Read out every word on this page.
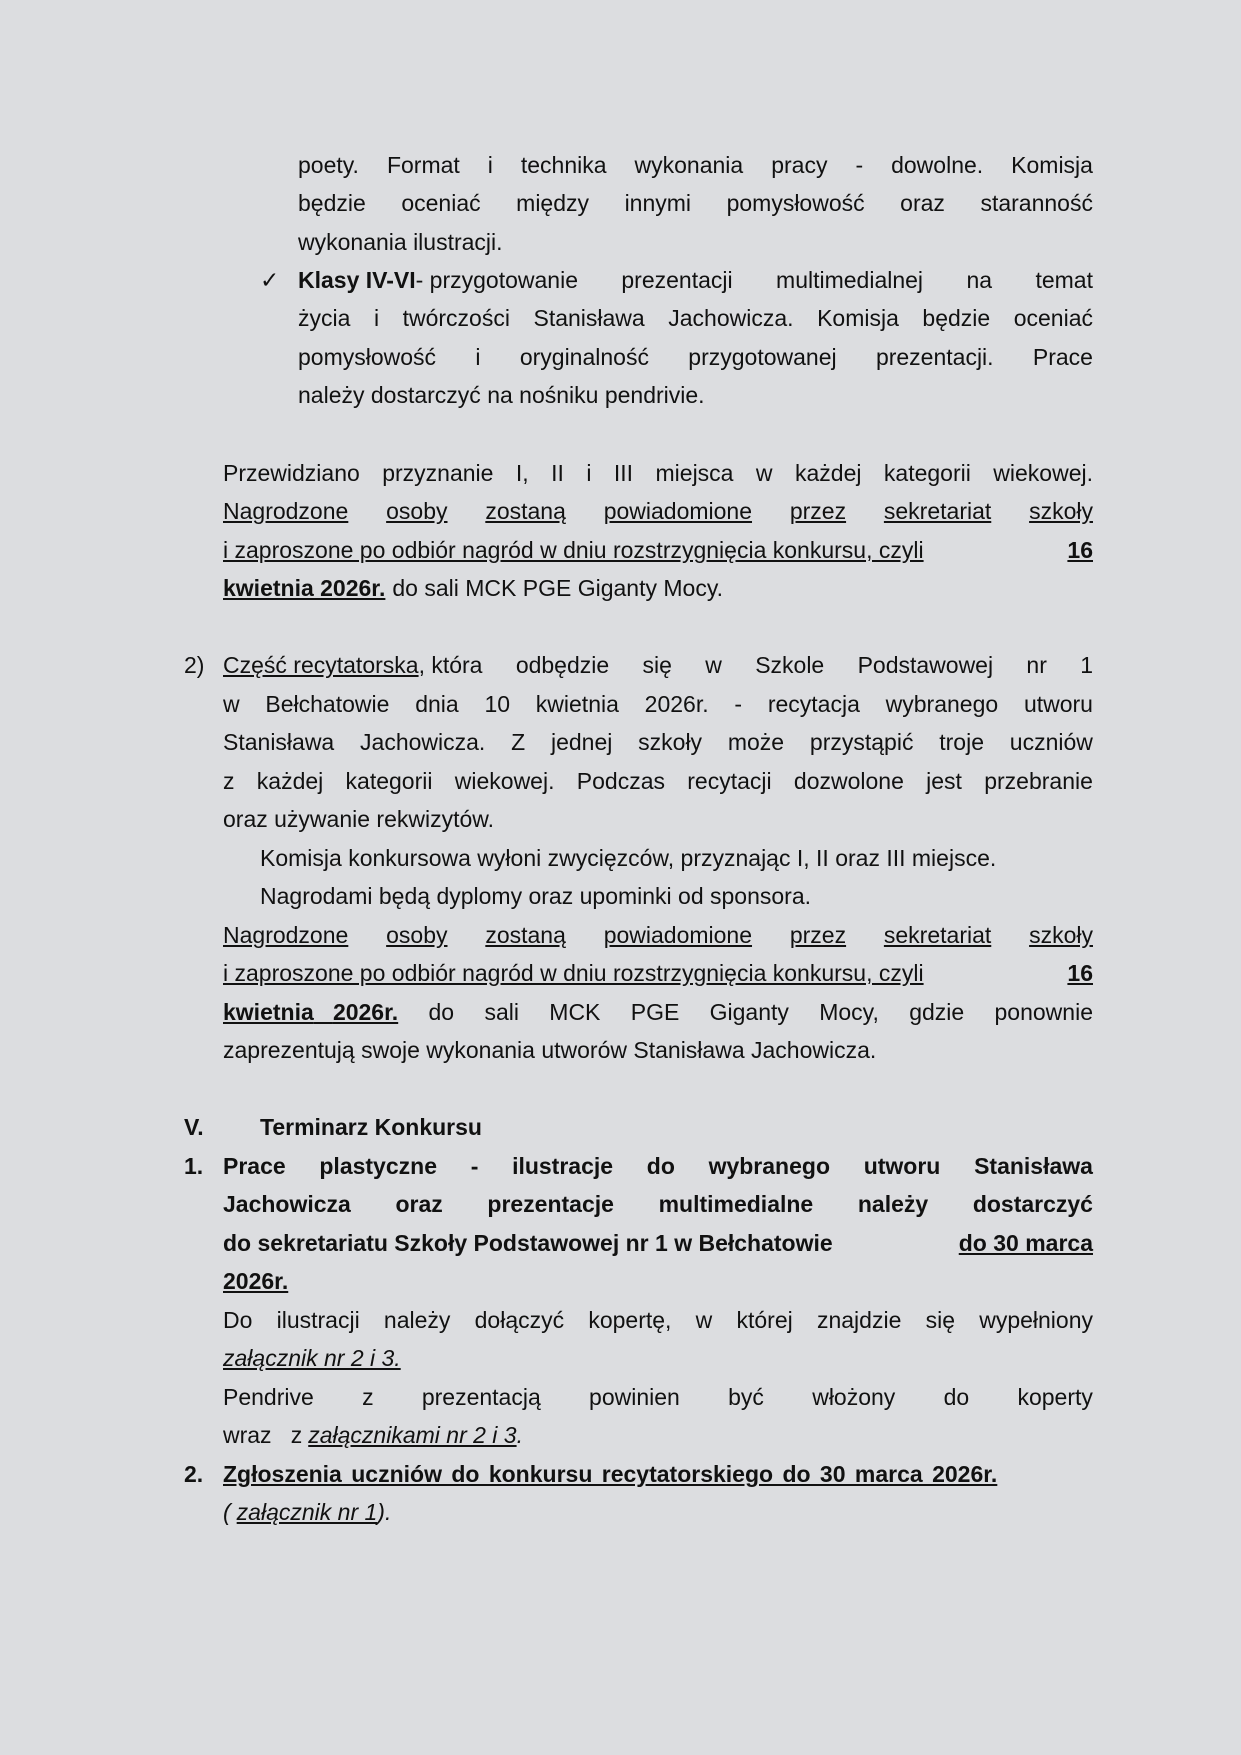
poety. Format i technika wykonania pracy - dowolne. Komisja
będzie oceniać między innymi pomysłowość oraz staranność
wykonania ilustracji.
✓ Klasy IV-VI- przygotowanie prezentacji multimedialnej na temat
życia i twórczości Stanisława Jachowicza. Komisja będzie oceniać
pomysłowość i oryginalność przygotowanej prezentacji. Prace
należy dostarczyć na nośniku pendrivie.
Przewidziano przyznanie I, II i III miejsca w każdej kategorii wiekowej.
Nagrodzone osoby zostaną powiadomione przez sekretariat szkoły
i zaproszone po odbiór nagród w dniu rozstrzygnięcia konkursu, czyli	16
kwietnia 2026r. do sali MCK PGE Giganty Mocy.
2) Część recytatorska, która odbędzie się w Szkole Podstawowej nr 1
w Bełchatowie dnia 10 kwietnia 2026r. - recytacja wybranego utworu
Stanisława Jachowicza. Z jednej szkoły może przystąpić troje uczniów
z każdej kategorii wiekowej. Podczas recytacji dozwolone jest przebranie
oraz używanie rekwizytów.
Komisja konkursowa wyłoni zwycięzców, przyznając I, II oraz III miejsce.
Nagrodami będą dyplomy oraz upominki od sponsora.
Nagrodzone osoby zostaną powiadomione przez sekretariat szkoły
i zaproszone po odbiór nagród w dniu rozstrzygnięcia konkursu, czyli	16
kwietnia 2026r. do sali MCK PGE Giganty Mocy, gdzie ponownie
zaprezentują swoje wykonania utworów Stanisława Jachowicza.
V. Terminarz Konkursu
1. Prace plastyczne - ilustracje do wybranego utworu Stanisława
Jachowicza oraz prezentacje multimedialne należy dostarczyć
do sekretariatu Szkoły Podstawowej nr 1 w Bełchatowie	do 30 marca
2026r.
Do ilustracji należy dołączyć kopertę, w której znajdzie się wypełniony
załącznik nr 2 i 3.
Pendrive z prezentacją powinien być włożony do koperty
wraz   z załącznikami nr 2 i 3 .
2. Zgłoszenia uczniów do konkursu recytatorskiego do 30 marca 2026r.
( załącznik nr 1 ).
